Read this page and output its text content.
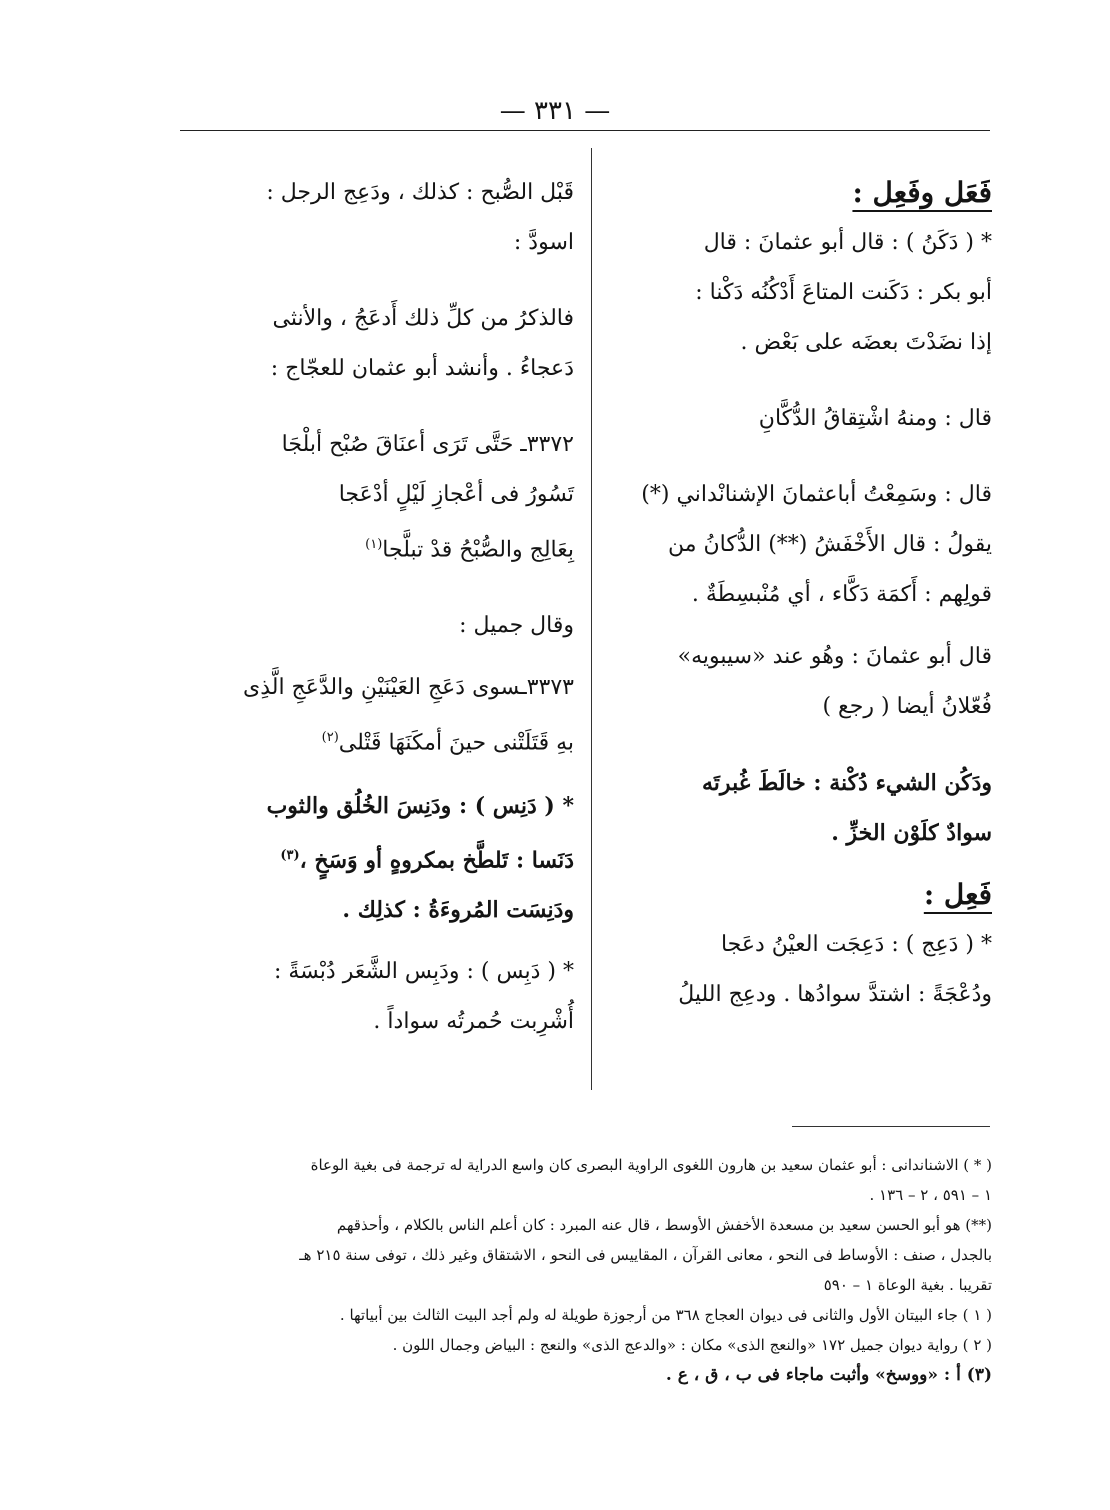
— ٣٣١ —

فَعَل وفَعِل :

* ( دَكَنُ ) : قال أبو عثمانَ : قال

أبو بكر : دَكَنت المتاعَ أَدْكُنُه دَكْنا :

إذا نضَدْتَ بعضَه على بَعْض .

قال : ومنهُ اشْتِقاقُ الدُّكَّانِ

قال : وسَمِعْتُ أباعثمانَ الإشنانْداني (*)

يقولُ : قال الأَخْفَشُ (**) الدُّكانُ من

قولِهم : أَكمَة دَكَّاء ، أي مُنْبسِطَةٌ .

قال أبو عثمانَ : وهُو عند «سيبويه»

فُعّلانُ أيضا ( رجع )

ودَكُن الشيء دُكْنة : خالَطَ غُبرتَه

سوادٌ كلَوْن الخزِّ .

فَعِل :

* ( دَعِج ) : دَعِجَت العيْنُ دعَجا

ودُعْجَةً : اشتدَّ سوادُها . ودعِج الليلُ

قَبْل الصُّبح : كذلك ، ودَعِج الرجل :

اسودَّ :

فالذكرُ من كلِّ ذلك أَدعَجُ ، والأنثى

دَعجاءُ . وأنشد أبو عثمان للعجّاج :

٣٣٧٢ـ حَتَّى تَرَى أعنَاقَ صُبْح أبلْجَا

تَسُورُ فى أعْجازِ لَيْلٍ أدْعَجا

بِعَالِج والصُّبْحُ قدْ تبلَّجا$^{(١)}$

وقال جميل :

٣٣٧٣ـسوى دَعَجِ العَيْنَيْنِ والدَّعَجِ الَّذِى

بهِ قَتَلَتْنى حينَ أمكَنَهَا قَتْلى$^{(٢)}$

* ( دَنِس ) : ودَنِسَ الخُلُق والثوب

دَنَسا : تَلطَّخ بمكروهٍ أو وَسَخٍ ،$^{(٣)}$

ودَنِسَت المُروءَةُ : كذلِك .

* ( دَبِس ) : ودَبِس الشَّعَر دُبْسَةً :

أُشْرِبت حُمرتُه سواداً .

( * ) الاشناندانى : أبو عثمان سعيد بن هارون اللغوى الراوية البصرى كان واسع الدراية له ترجمة فى بغية الوعاة

١ – ٥٩١ ، ٢ – ١٣٦ .

(**) هو أبو الحسن سعيد بن مسعدة الأخفش الأوسط ، قال عنه المبرد : كان أعلم الناس بالكلام ، وأحذقهم

بالجدل ، صنف : الأوساط فى النحو ، معانى القرآن ، المقاييس فى النحو ، الاشتقاق وغير ذلك ، توفى سنة ٢١٥ هـ

تقريبا . بغية الوعاة ١ – ٥٩٠

( ١ ) جاء البيتان الأول والثانى فى ديوان العجاج ٣٦٨ من أرجوزة طويلة له ولم أجد البيت الثالث بين أبياتها .

( ٢ ) رواية ديوان جميل ١٧٢ «والنعج الذى» مكان : «والدعج الذى» والنعج : البياض وجمال اللون .

(٣) أ : «ووسخ» وأثبت ماجاء فى ب ، ق ، ع .
